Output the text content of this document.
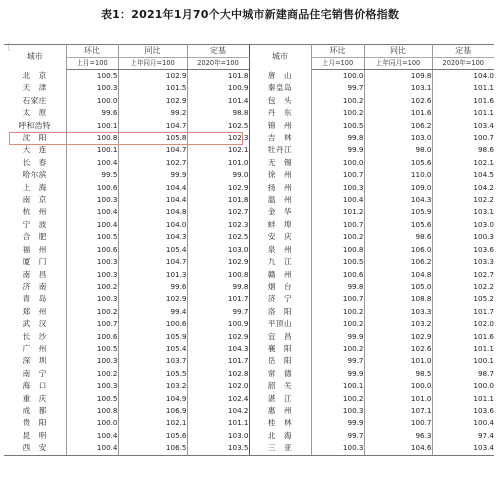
表1：2021年1月70个大中城市新建商品住宅销售价格指数
〔
城市	环比	同比	定基	城市	环比	同比	定基
	上月=100	上年同月=100	2020年=100		上月=100	上年同月=100	2020年=100
北　京	100.5	102.9	101.8	唐　山	100.0	109.8	104.0
天　津	100.3	101.5	100.9	秦皇岛	99.7	103.1	101.1
石家庄	100.0	102.9	101.4	包　头	100.2	102.6	101.6
太　原	99.6	99.2	98.8	丹　东	100.2	101.6	101.1
呼和浩特	100.1	104.7	102.5	锦　州	100.5	106.2	103.4
沈　阳	100.8	105.8	102.3	吉　林	99.8	103.0	100.7
大　连	100.1	104.7	102.1	牡丹江	99.9	98.0	98.6
长　春	100.4	102.7	101.0	无　锡	100.0	105.6	102.1
哈尔滨	99.5	99.9	99.0	徐　州	100.7	110.0	104.5
上　海	100.6	104.4	102.9	扬　州	100.3	109.0	104.2
南　京	100.3	104.4	101.8	温　州	100.4	104.3	102.2
杭　州	100.4	104.8	102.7	金　华	101.2	105.9	103.1
宁　波	100.4	104.0	102.3	蚌　埠	100.7	105.6	103.0
合　肥	100.5	104.3	102.5	安　庆	100.2	98.6	100.3
福　州	100.6	105.4	103.0	泉　州	100.8	106.0	103.6
厦　门	100.3	104.7	102.9	九　江	100.5	106.2	103.3
南　昌	100.3	101.3	100.8	赣　州	100.6	104.8	102.7
济　南	100.2	99.6	99.8	烟　台	99.8	105.0	102.2
青　岛	100.3	102.9	101.7	济　宁	100.7	108.8	105.2
郑　州	100.2	99.4	99.7	洛　阳	100.2	103.3	101.7
武　汉	100.7	100.6	100.9	平顶山	100.2	103.2	102.0
长　沙	100.6	105.9	102.9	宜　昌	99.9	102.9	101.6
广　州	100.5	105.4	104.3	襄　阳	100.2	102.6	101.1
深　圳	100.3	103.7	101.7	岳　阳	99.7	101.0	100.1
南　宁	100.2	105.5	102.8	常　德	99.9	98.5	98.7
海　口	100.3	103.2	102.0	韶　关	100.1	100.0	100.0
重　庆	100.5	104.9	102.4	湛　江	100.2	101.0	101.1
成　都	100.8	106.9	104.2	惠　州	100.3	107.1	103.6
贵　阳	100.0	102.1	101.1	桂　林	99.9	100.7	100.4
昆　明	100.4	105.6	103.0	北　海	99.7	96.3	97.4
西　安	100.4	106.5	103.5	三　亚	100.3	104.6	103.4
